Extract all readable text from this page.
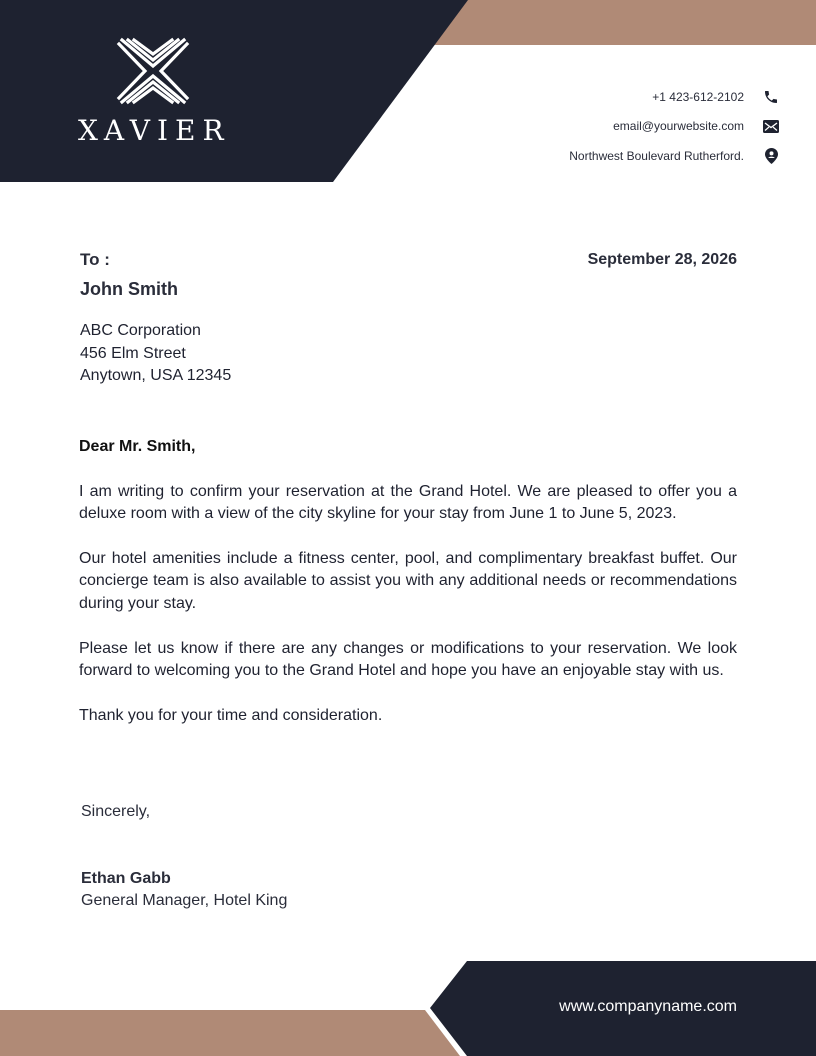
XAVIER
+1 423-612-2102
email@yourwebsite.com
Northwest Boulevard Rutherford.
To :	September 28, 2026
John Smith
ABC Corporation
456 Elm Street
Anytown, USA 12345
Dear Mr. Smith,

I am writing to confirm your reservation at the Grand Hotel. We are pleased to offer you a deluxe room with a view of the city skyline for your stay from June 1 to June 5, 2023.

Our hotel amenities include a fitness center, pool, and complimentary breakfast buffet. Our concierge team is also available to assist you with any additional needs or recommendations during your stay.

Please let us know if there are any changes or modifications to your reservation. We look forward to welcoming you to the Grand Hotel and hope you have an enjoyable stay with us.

Thank you for your time and consideration.

Sincerely,
Ethan Gabb
General Manager, Hotel King
www.companyname.com
